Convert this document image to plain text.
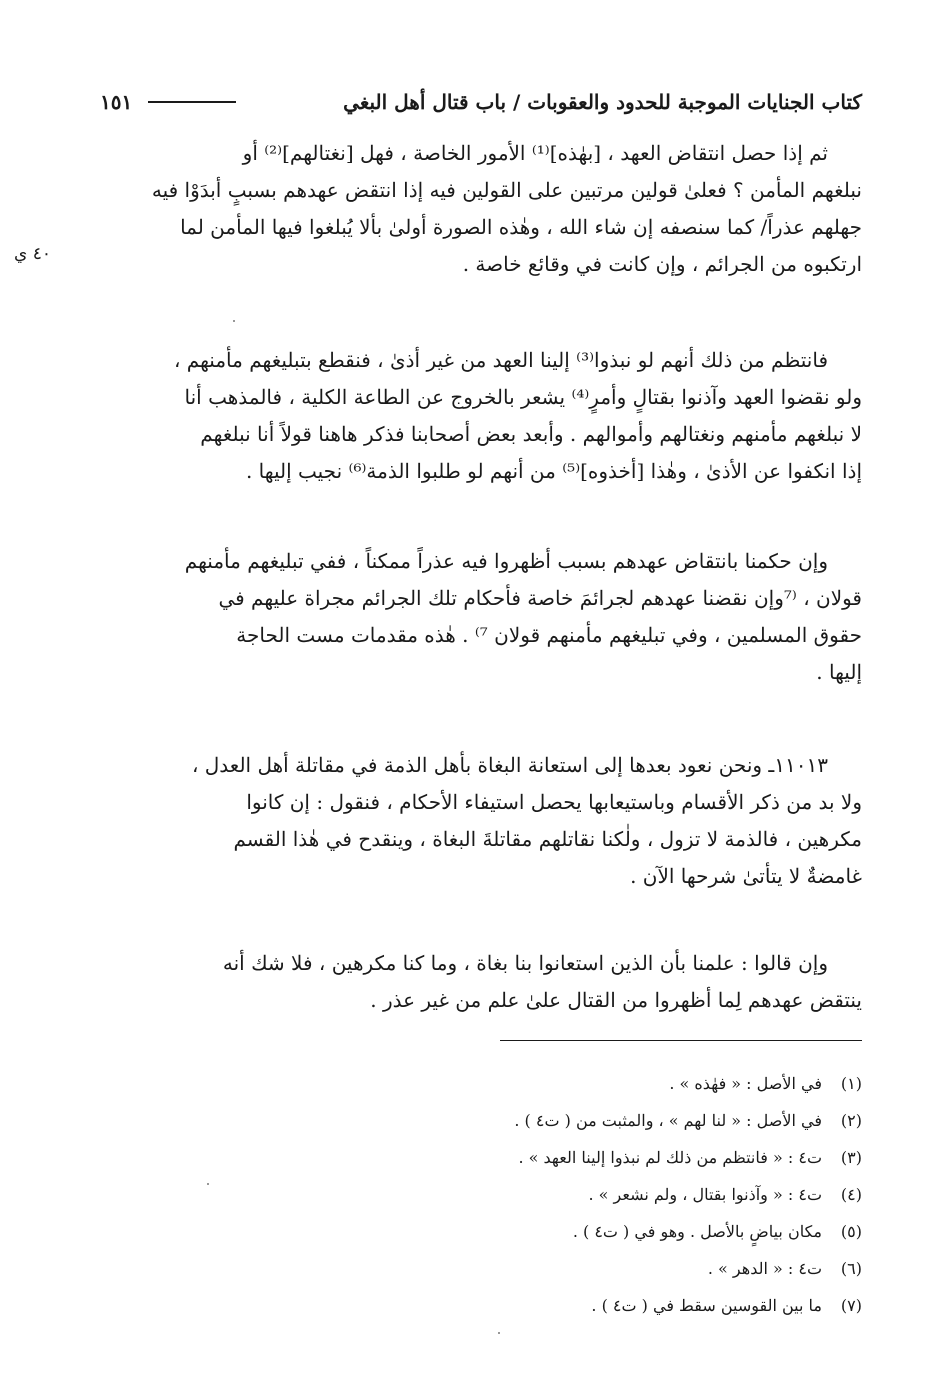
كتاب الجنايات الموجبة للحدود والعقوبات / باب قتال أهل البغي
١٥١
٤٠ ي

ثم إذا حصل انتقاض العهد ، [بهٰذه]⁽¹⁾ الأمور الخاصة ، فهل [نغتالهم]⁽²⁾ أو

نبلغهم المأمن ؟ فعلىٰ قولين مرتبين على القولين فيه إذا انتقض عهدهم بسببٍ أبدَوْا فيه

جهلهم عذراً/ كما سنصفه إن شاء الله ، وهٰذه الصورة أولىٰ بألا يُبلغوا فيها المأمن لما

ارتكبوه من الجرائم ، وإن كانت في وقائع خاصة .

فانتظم من ذلك أنهم لو نبذوا⁽³⁾ إلينا العهد من غير أذىٰ ، فنقطع بتبليغهم مأمنهم ،

ولو نقضوا العهد وآذنوا بقتالٍ وأمرٍ⁽⁴⁾ يشعر بالخروج عن الطاعة الكلية ، فالمذهب أنا

لا نبلغهم مأمنهم ونغتالهم وأموالهم . وأبعد بعض أصحابنا فذكر هاهنا قولاً أنا نبلغهم

إذا انكفوا عن الأذىٰ ، وهٰذا [أخذوه]⁽⁵⁾ من أنهم لو طلبوا الذمة⁽⁶⁾ نجيب إليها .

وإن حكمنا بانتقاض عهدهم بسبب أظهروا فيه عذراً ممكناً ، ففي تبليغهم مأمنهم

قولان ، ⁽⁷وإن نقضنا عهدهم لجرائمَ خاصة فأحكام تلك الجرائم مجراة عليهم في

حقوق المسلمين ، وفي تبليغهم مأمنهم قولان ⁷⁾ . هٰذه مقدمات مست الحاجة

إليها .

١١٠١٣ـ ونحن نعود بعدها إلى استعانة البغاة بأهل الذمة في مقاتلة أهل العدل ،

ولا بد من ذكر الأقسام وباستيعابها يحصل استيفاء الأحكام ، فنقول : إن كانوا

مكرهين ، فالذمة لا تزول ، ولٰكنا نقاتلهم مقاتلةَ البغاة ، وينقدح في هٰذا القسم

غامضةٌ لا يتأتىٰ شرحها الآن .

وإن قالوا : علمنا بأن الذين استعانوا بنا بغاة ، وما كنا مكرهين ، فلا شك أنه

ينتقض عهدهم لِما أظهروا من القتال علىٰ علم من غير عذر .

(١)
في الأصل : « فهٰذه » .
(٢)
في الأصل : « لنا لهم » ، والمثبت من ( ت٤ ) .
(٣)
ت٤ : « فانتظم من ذلك لم نبذوا إلينا العهد » .
(٤)
ت٤ : « وآذنوا بقتال ، ولم نشعر » .
(٥)
مكان بياضٍ بالأصل . وهو في ( ت٤ ) .
(٦)
ت٤ : « الدهر » .
(٧)
ما بين القوسين سقط في ( ت٤ ) .
